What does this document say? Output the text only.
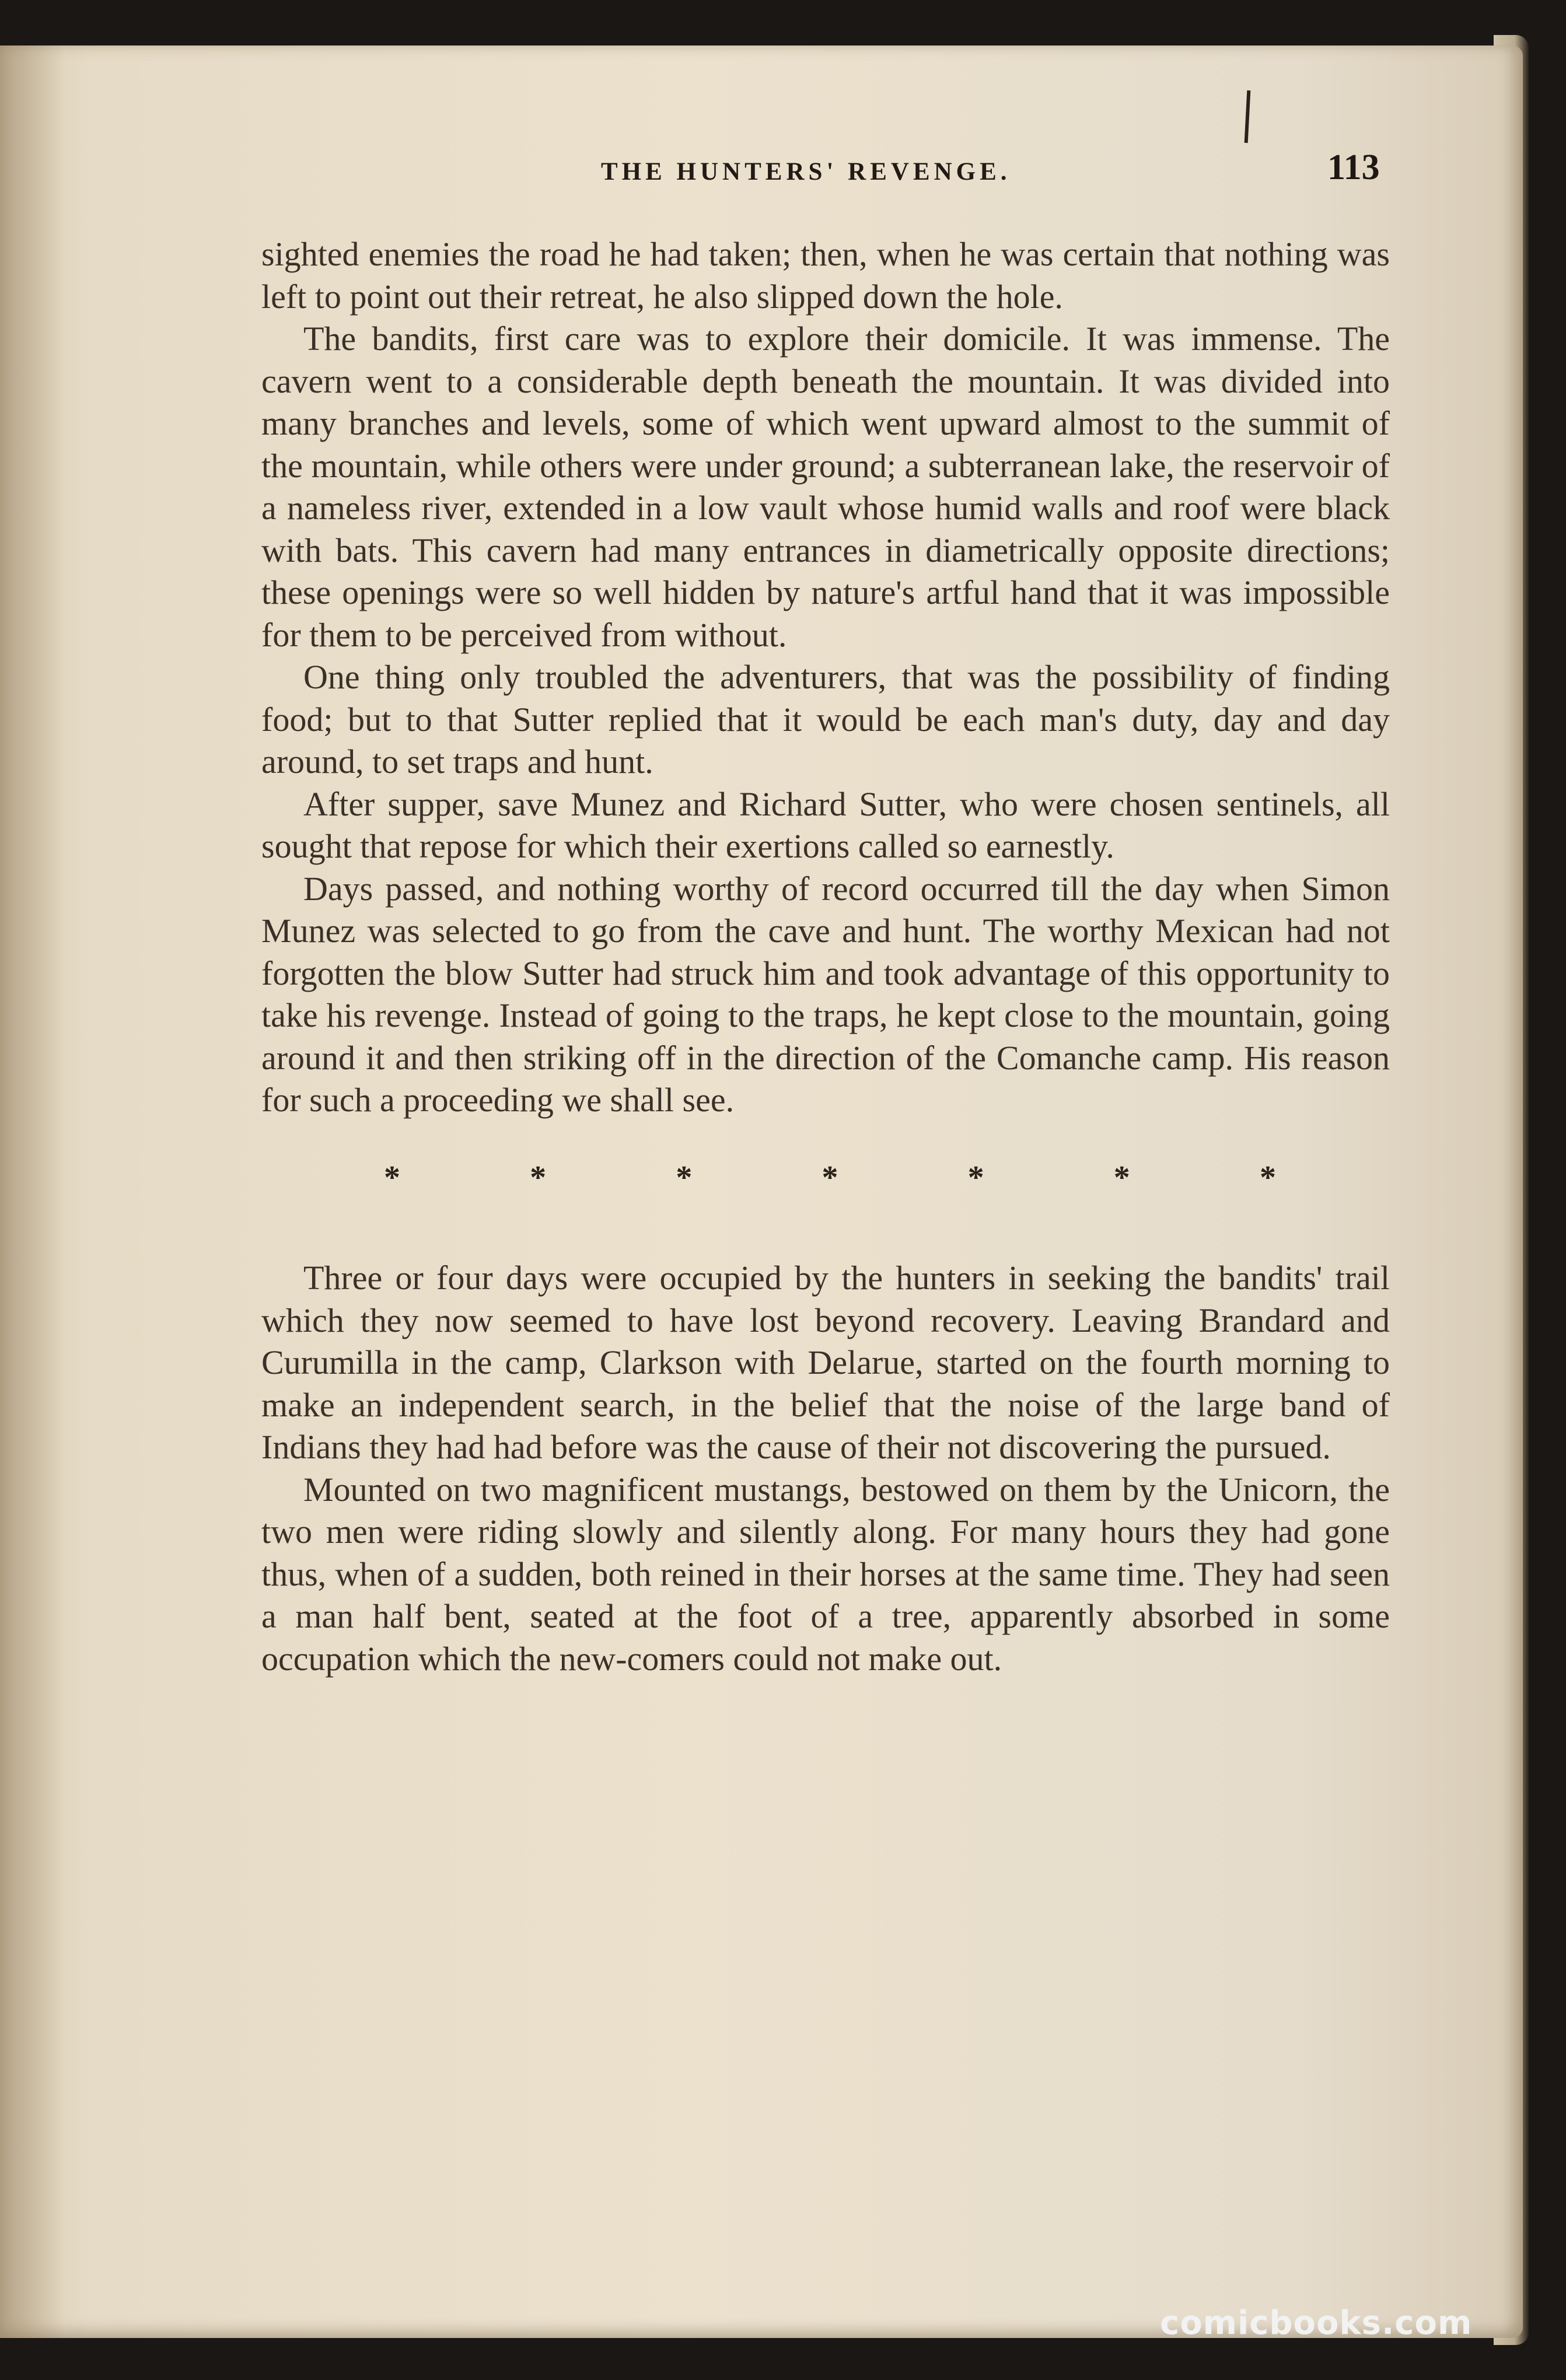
THE HUNTERS' REVENGE.	113

sighted enemies the road he had taken; then, when he was certain that nothing was left to point out their retreat, he also slipped down the hole.

The bandits, first care was to explore their domicile. It was immense. The cavern went to a considerable depth beneath the mountain. It was divided into many branches and levels, some of which went upward almost to the summit of the mountain, while others were under ground; a subterranean lake, the reservoir of a nameless river, extended in a low vault whose humid walls and roof were black with bats. This cavern had many entrances in diametrically opposite directions; these openings were so well hidden by nature's artful hand that it was impossible for them to be perceived from without.

One thing only troubled the adventurers, that was the possibility of finding food; but to that Sutter replied that it would be each man's duty, day and day around, to set traps and hunt.

After supper, save Munez and Richard Sutter, who were chosen sentinels, all sought that repose for which their exertions called so earnestly.

Days passed, and nothing worthy of record occurred till the day when Simon Munez was selected to go from the cave and hunt. The worthy Mexican had not forgotten the blow Sutter had struck him and took advantage of this opportunity to take his revenge. Instead of going to the traps, he kept close to the mountain, going around it and then striking off in the direction of the Comanche camp. His reason for such a proceeding we shall see.

*	*	*	*	*	*	*

Three or four days were occupied by the hunters in seeking the bandits' trail which they now seemed to have lost beyond recovery. Leaving Brandard and Curumilla in the camp, Clarkson with Delarue, started on the fourth morning to make an independent search, in the belief that the noise of the large band of Indians they had had before was the cause of their not discovering the pursued.

Mounted on two magnificent mustangs, bestowed on them by the Unicorn, the two men were riding slowly and silently along. For many hours they had gone thus, when of a sudden, both reined in their horses at the same time. They had seen a man half bent, seated at the foot of a tree, apparently absorbed in some occupation which the new-comers could not make out.

comicbooks.com
